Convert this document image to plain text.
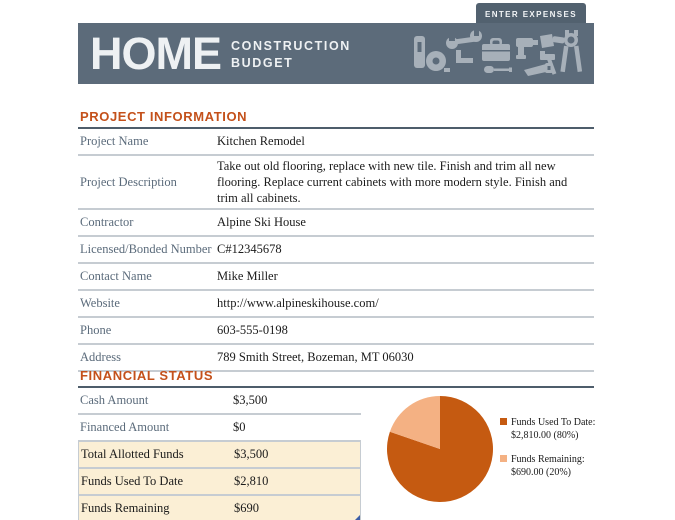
ENTER EXPENSES
HOME CONSTRUCTION
BUDGET
PROJECT INFORMATION
Project Name	Kitchen Remodel
Project Description
Take out old flooring, replace with new tile. Finish and trim all new flooring. Replace current cabinets with more modern style. Finish and trim all cabinets.
Contractor	Alpine Ski House
Licensed/Bonded Number C#12345678
Contact Name	Mike Miller
Website	http://www.alpineskihouse.com/
Phone	603-555-0198
Address	789 Smith Street, Bozeman, MT 06030
FINANCIAL STATUS
Cash Amount	$3,500
Financed Amount	$0
Total Allotted Funds	$3,500
Funds Used To Date	$2,810
Funds Remaining	$690
Funds Used To Date:
$2,810.00 (80%)
Funds Remaining:
$690.00 (20%)
